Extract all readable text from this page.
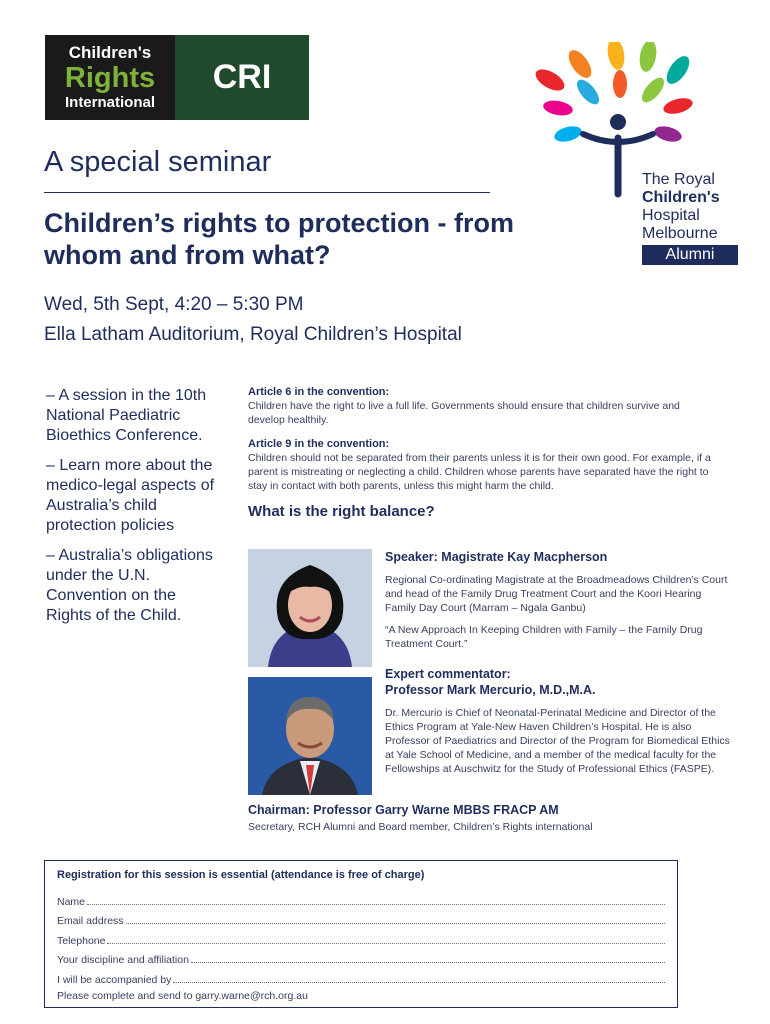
Children's
Rights
International
CRI
The Royal
Children's
Hospital
Melbourne
Alumni
A special seminar
Children’s rights to protection - from whom and from what?
Wed, 5th Sept, 4:20 – 5:30 PM
Ella Latham Auditorium, Royal Children’s Hospital

– A session in the 10th National Paediatric Bioethics Conference.

– Learn more about the medico-legal aspects of Australia’s child protection policies

– Australia’s obligations under the U.N. Convention on the Rights of the Child.

Article 6 in the convention:
Children have the right to live a full life. Governments should ensure that children survive and develop healthily.
Article 9 in the convention:
Children should not be separated from their parents unless it is for their own good. For example, if a parent is mistreating or neglecting a child. Children whose parents have separated have the right to stay in contact with both parents, unless this might harm the child.
What is the right balance?
Speaker: Magistrate Kay Macpherson
Regional Co-ordinating Magistrate at the Broadmeadows Children’s Court and head of the Family Drug Treatment Court and the Koori Hearing Family Day Court (Marram – Ngala Ganbu)
“A New Approach In Keeping Children with Family – the Family Drug Treatment Court.”
Expert commentator:
Professor Mark Mercurio, M.D.,M.A.
Dr. Mercurio is Chief of Neonatal-Perinatal Medicine and Director of the Ethics Program at Yale-New Haven Children’s Hospital. He is also Professor of Paediatrics and Director of the Program for Biomedical Ethics at Yale School of Medicine, and a member of the medical faculty for the Fellowships at Auschwitz for the Study of Professional Ethics (FASPE).
Chairman: Professor Garry Warne MBBS FRACP AM
Secretary, RCH Alumni and Board member, Children’s Rights international
Registration for this session is essential (attendance is free of charge)
Name
Email address
Telephone
Your discipline and affiliation
I will be accompanied by
Please complete and send to garry.warne@rch.org.au
